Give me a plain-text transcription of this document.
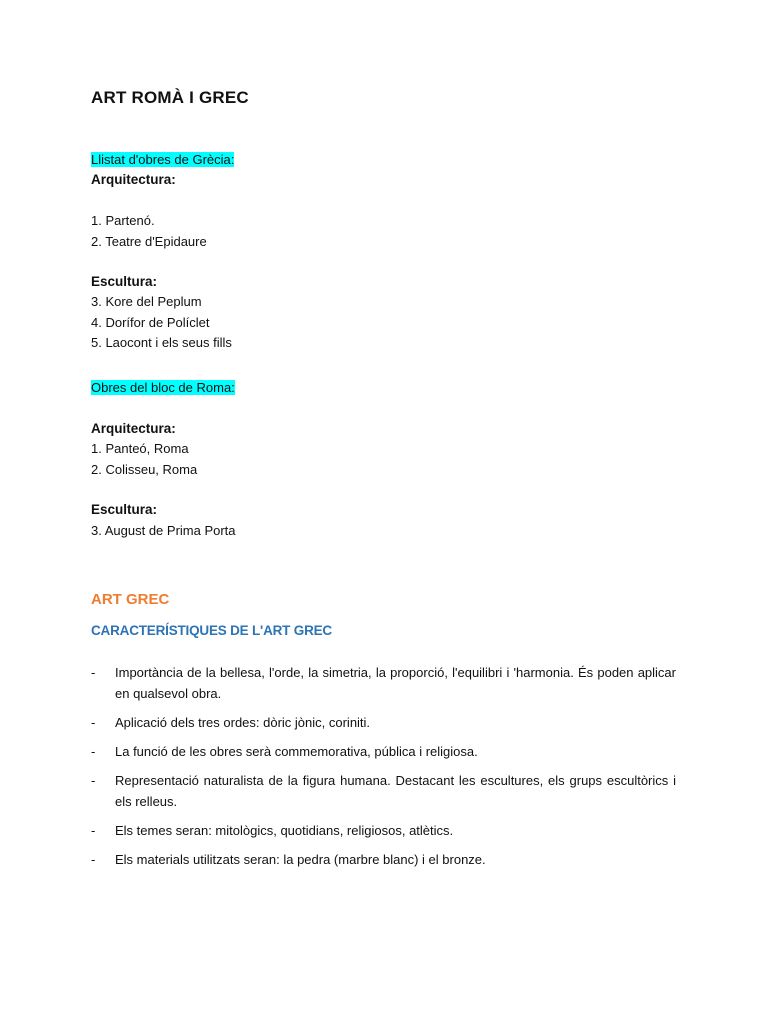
ART ROMÀ I GREC
Llistat d'obres de Grècia:
Arquitectura:
1. Partenó.
2. Teatre d'Epidaure
Escultura:
3. Kore del Peplum
4. Dorífor de Políclet
5. Laocont i els seus fills
Obres del bloc de Roma:
Arquitectura:
1. Panteó, Roma
2. Colisseu, Roma
Escultura:
3. August de Prima Porta
ART GREC
CARACTERÍSTIQUES DE L'ART GREC
- Importància de la bellesa, l'orde, la simetria, la proporció, l'equilibri i 'harmonia. És poden aplicar en qualsevol obra.
- Aplicació dels tres ordes: dòric jònic, coriniti.
- La funció de les obres serà commemorativa, pública i religiosa.
- Representació naturalista de la figura humana. Destacant les escultures, els grups escultòrics i els relleus.
- Els temes seran: mitològics, quotidians, religiosos, atlètics.
- Els materials utilitzats seran: la pedra (marbre blanc) i el bronze.
